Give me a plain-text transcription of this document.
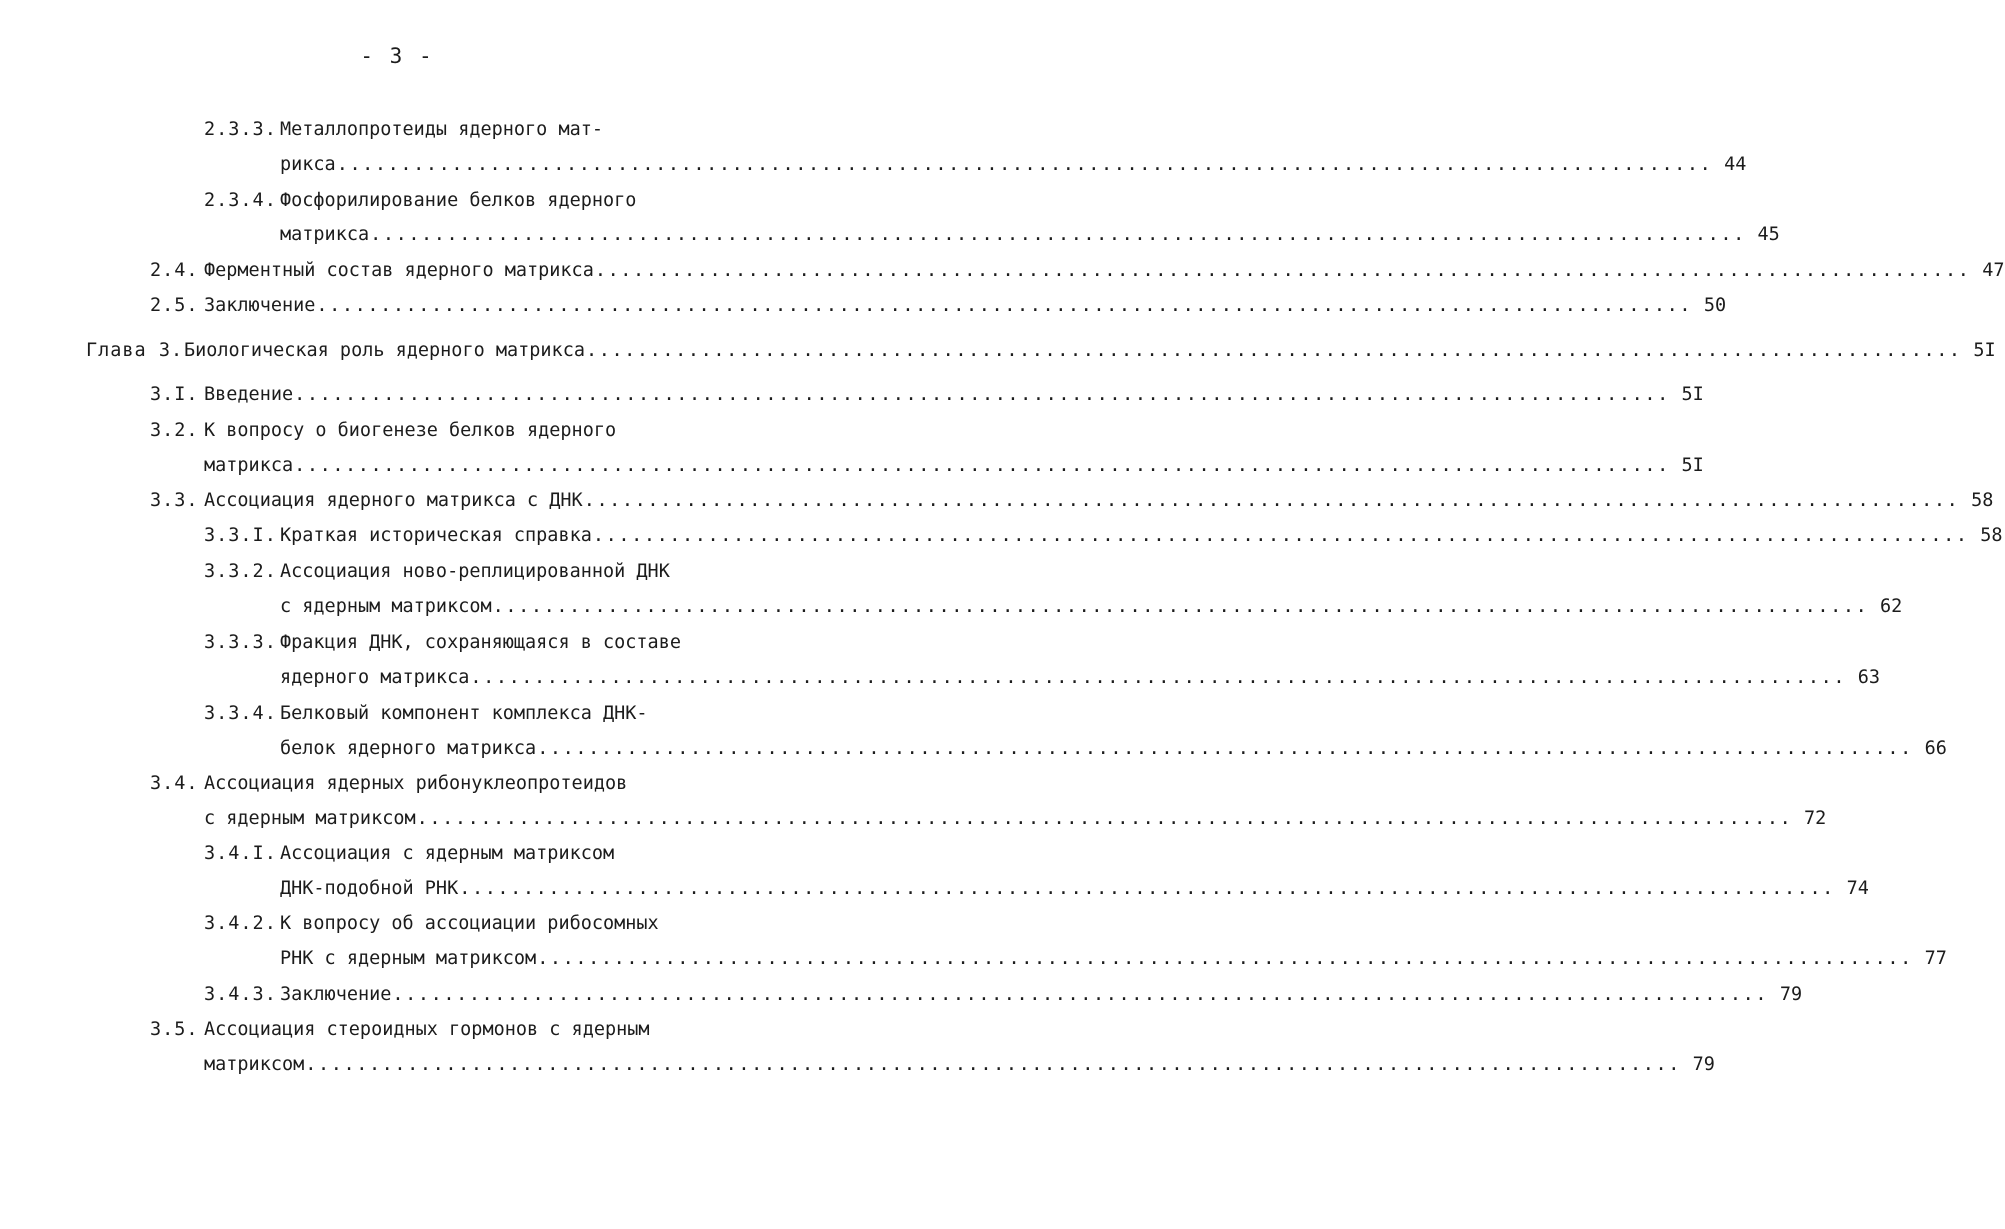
- 3 -
2.3.3. Металлопротеиды ядерного мат-
рикса ............................................................................................................ 44
2.3.4. Фосфорилирование белков ядерного
матрикса ............................................................................................................ 45
2.4. Ферментный состав ядерного матрикса ............................................................................................................ 47
2.5. Заключение ............................................................................................................ 50
Глава 3. Биологическая роль ядерного матрикса ............................................................................................................ 5I
3.I. Введение ............................................................................................................ 5I
3.2. К вопросу о биогенезе белков ядерного
матрикса ............................................................................................................ 5I
3.3. Ассоциация ядерного матрикса с ДНК ............................................................................................................ 58
3.3.I. Краткая историческая справка ............................................................................................................ 58
3.3.2. Ассоциация ново-реплицированной ДНК
с ядерным матриксом ............................................................................................................ 62
3.3.3. Фракция ДНК, сохраняющаяся в составе
ядерного матрикса ............................................................................................................ 63
3.3.4. Белковый компонент комплекса ДНК-
белок ядерного матрикса ............................................................................................................ 66
3.4. Ассоциация ядерных рибонуклеопротеидов
с ядерным матриксом ............................................................................................................ 72
3.4.I. Ассоциация с ядерным матриксом
ДНК-подобной РНК ............................................................................................................ 74
3.4.2. К вопросу об ассоциации рибосомных
РНК с ядерным матриксом ............................................................................................................ 77
3.4.3. Заключение ............................................................................................................ 79
3.5. Ассоциация стероидных гормонов с ядерным
матриксом ............................................................................................................ 79
